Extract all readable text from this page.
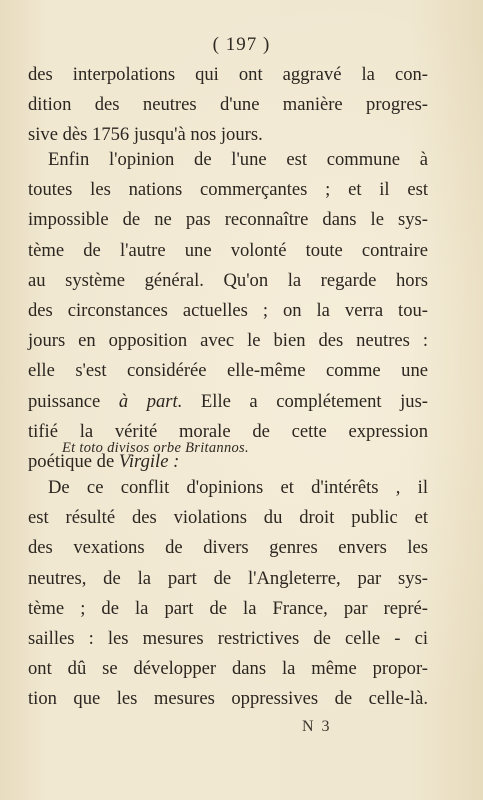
( 197 )
des interpolations qui ont aggravé la con-
dition des neutres d'une manière progres-
sive dès 1756 jusqu'à nos jours.
Enfin l'opinion de l'une est commune à
toutes les nations commerçantes ; et il est
impossible de ne pas reconnaître dans le sys-
tème de l'autre une volonté toute contraire
au système général. Qu'on la regarde hors
des circonstances actuelles ; on la verra tou-
jours en opposition avec le bien des neutres :
elle s'est considérée elle-même comme une
puissance à part. Elle a complétement jus-
tifié la vérité morale de cette expression
poétique de Virgile :
Et toto divisos orbe Britannos.
De ce conflit d'opinions et d'intérêts , il
est résulté des violations du droit public et
des vexations de divers genres envers les
neutres, de la part de l'Angleterre, par sys-
tème ; de la part de la France, par repré-
sailles : les mesures restrictives de celle - ci
ont dû se développer dans la même propor-
tion que les mesures oppressives de celle-là.
N 3
